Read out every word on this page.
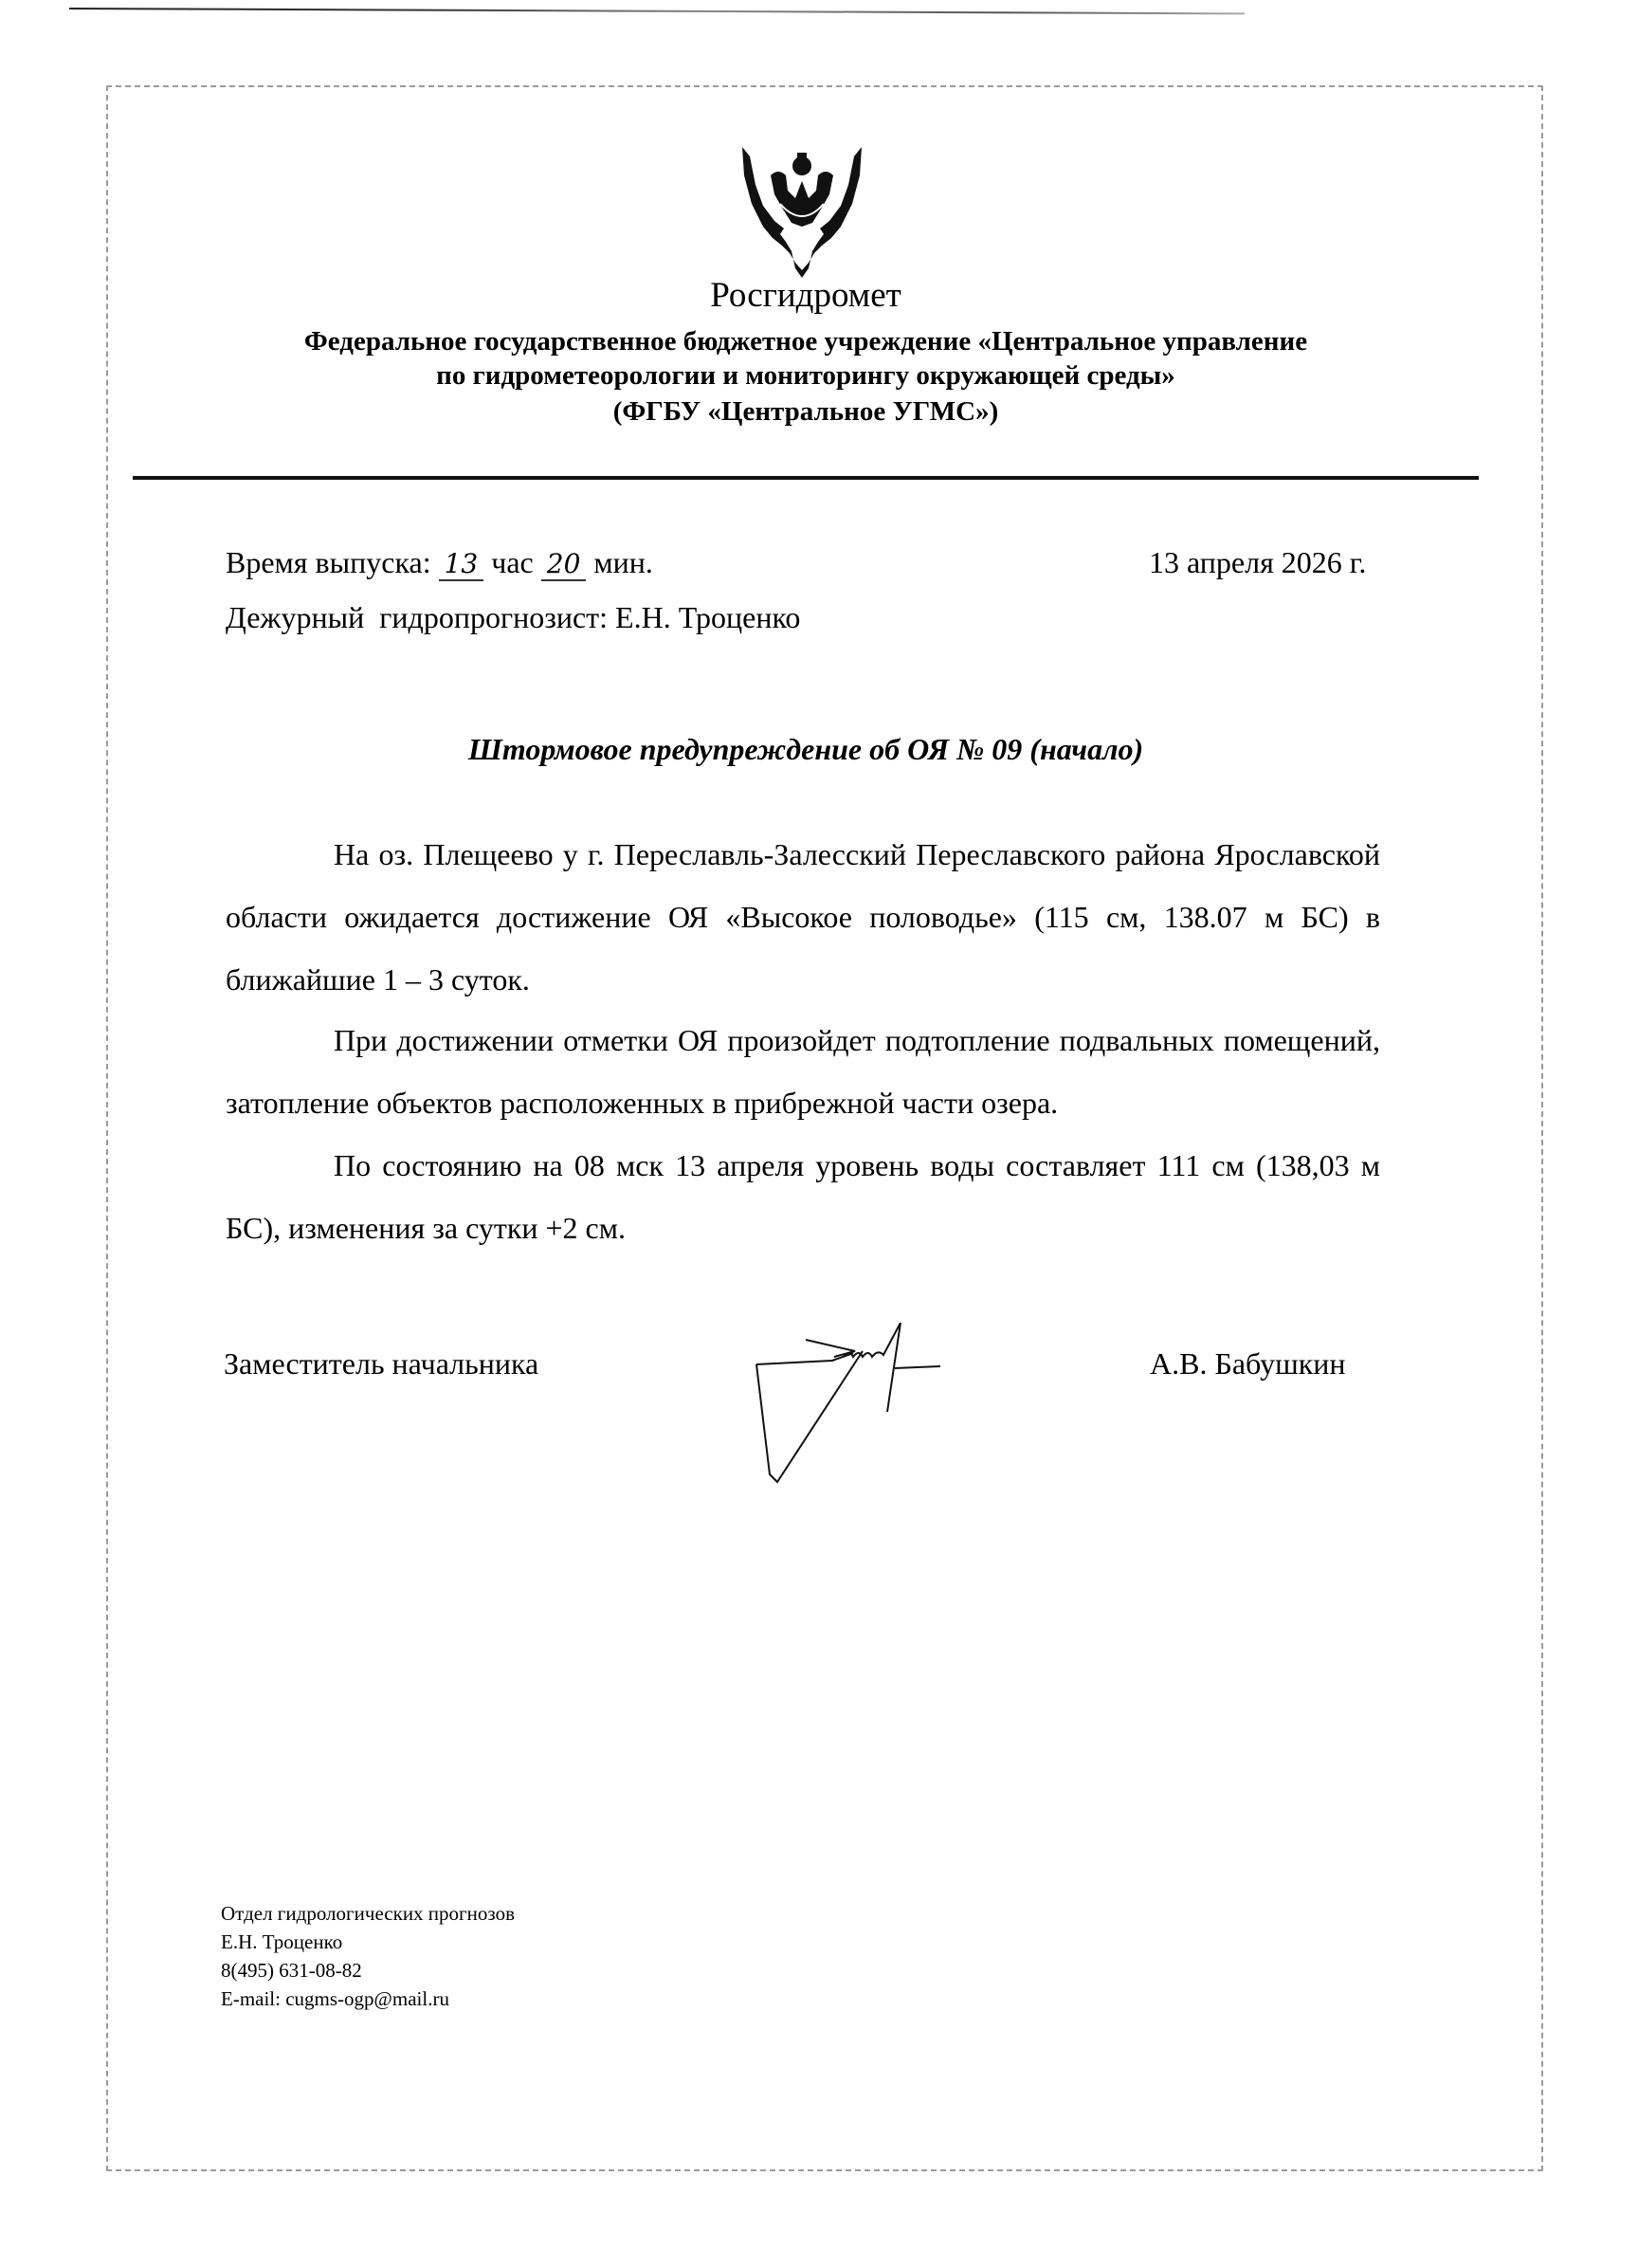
Росгидромет
Федеральное государственное бюджетное учреждение «Центральное управление
по гидрометеорологии и мониторингу окружающей среды»
(ФГБУ «Центральное УГМС»)
Время выпуска: 13 час 20 мин.	13 апреля 2026 г.
Дежурный  гидропрогнозист: Е.Н. Троценко
Штормовое предупреждение об ОЯ № 09 (начало)
На оз. Плещеево у г. Переславль-Залесский Переславского района Ярославской области ожидается достижение ОЯ «Высокое половодье» (115 см, 138.07 м БС) в ближайшие 1 – 3 суток.
При достижении отметки ОЯ произойдет подтопление подвальных помещений, затопление объектов расположенных в прибрежной части озера.
По состоянию на 08 мск 13 апреля уровень воды составляет 111 см (138,03 м БС), изменения за сутки +2 см.
Заместитель начальника	А.В. Бабушкин
Отдел гидрологических прогнозов
Е.Н. Троценко
8(495) 631-08-82
E-mail: cugms-ogp@mail.ru
